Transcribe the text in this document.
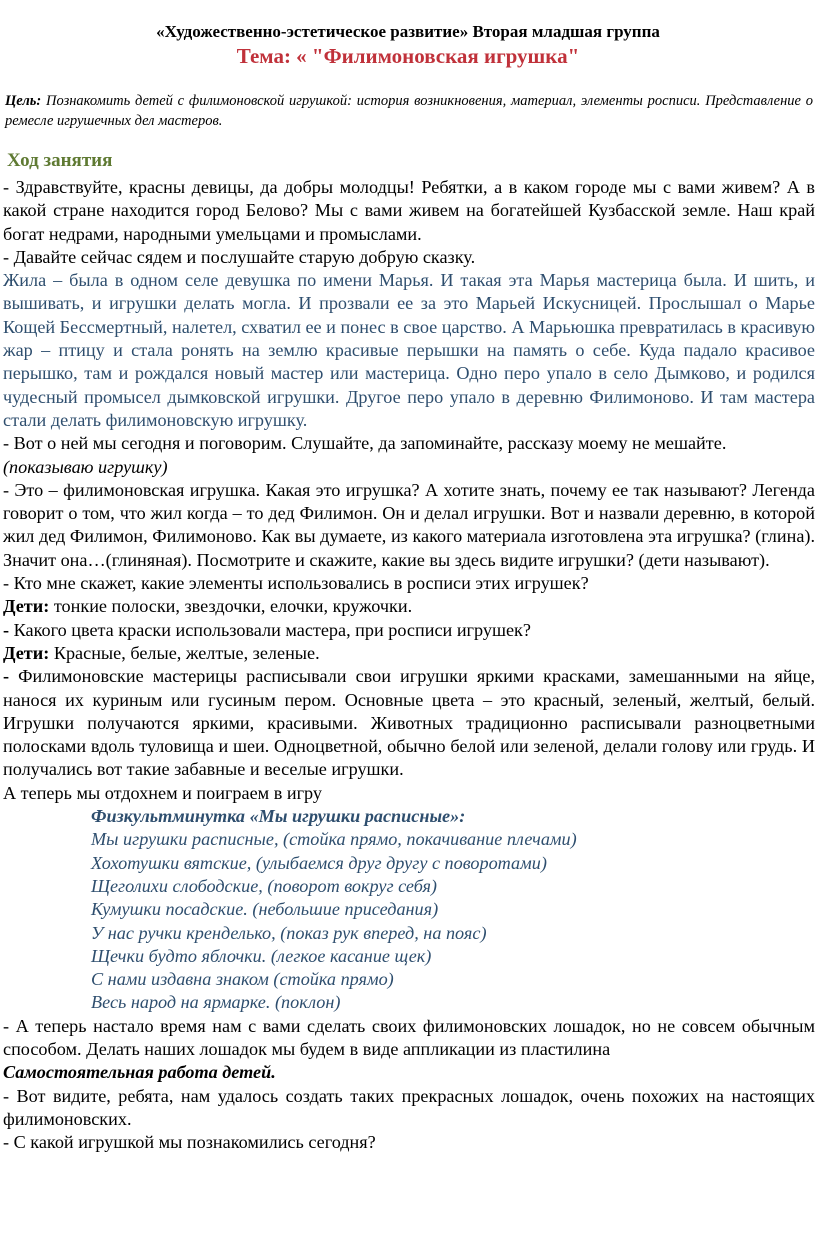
«Художественно-эстетическое развитие» Вторая младшая группа
Тема: « "Филимоновская игрушка"
Цель: Познакомить детей с филимоновской игрушкой: история возникновения, материал, элементы росписи. Представление о ремесле игрушечных дел мастеров.
Ход занятия

- Здравствуйте, красны девицы, да добры молодцы! Ребятки, а в каком городе мы с вами живем? А в какой стране находится город Белово? Мы с вами живем на богатейшей Кузбасской земле. Наш край богат недрами, народными умельцами и промыслами.

- Давайте сейчас сядем и послушайте старую добрую сказку.

Жила – была в одном селе девушка по имени Марья. И такая эта Марья мастерица была. И шить, и вышивать, и игрушки делать могла. И прозвали ее за это Марьей Искусницей. Прослышал о Марье Кощей Бессмертный, налетел, схватил ее и понес в свое царство. А Марьюшка превратилась в красивую жар – птицу и стала ронять на землю красивые перышки на память о себе. Куда падало красивое перышко, там и рождался новый мастер или мастерица. Одно перо упало в село Дымково, и родился чудесный промысел дымковской игрушки. Другое перо упало в деревню Филимоново. И там мастера стали делать филимоновскую игрушку.

- Вот о ней мы сегодня и поговорим. Слушайте, да запоминайте, рассказу моему не мешайте.

(показываю игрушку)

- Это – филимоновская игрушка. Какая это игрушка? А хотите знать, почему ее так называют? Легенда говорит о том, что жил когда – то дед Филимон. Он и делал игрушки. Вот и назвали деревню, в которой жил дед Филимон, Филимоново. Как вы думаете, из какого материала изготовлена эта игрушка? (глина). Значит она…(глиняная). Посмотрите и скажите, какие вы здесь видите игрушки? (дети называют).

- Кто мне скажет, какие элементы использовались в росписи этих игрушек?

Дети: тонкие полоски, звездочки, елочки, кружочки.

- Какого цвета краски использовали мастера, при росписи игрушек?

Дети: Красные, белые, желтые, зеленые.

- Филимоновские мастерицы расписывали свои игрушки яркими красками, замешанными на яйце, нанося их куриным или гусиным пером. Основные цвета – это красный, зеленый, желтый, белый. Игрушки получаются яркими, красивыми. Животных традиционно расписывали разноцветными полосками вдоль туловища и шеи. Одноцветной, обычно белой или зеленой, делали голову или грудь. И получались вот такие забавные и веселые игрушки.

А теперь мы отдохнем и поиграем в игру

Физкультминутка «Мы игрушки расписные»:

Мы игрушки расписные, (стойка прямо, покачивание плечами)

Хохотушки вятские, (улыбаемся друг другу с поворотами)

Щеголихи слободские, (поворот вокруг себя)

Кумушки посадские. (небольшие приседания)

У нас ручки кренделько, (показ рук вперед, на пояс)

Щечки будто яблочки. (легкое касание щек)

С нами издавна знаком (стойка прямо)

Весь народ на ярмарке. (поклон)

- А теперь настало время нам с вами сделать своих филимоновских лошадок, но не совсем обычным способом. Делать наших лошадок мы будем в виде аппликации из пластилина

Самостоятельная работа детей.

- Вот видите, ребята, нам удалось создать таких прекрасных лошадок, очень похожих на настоящих филимоновских.

- С какой игрушкой мы познакомились сегодня?
